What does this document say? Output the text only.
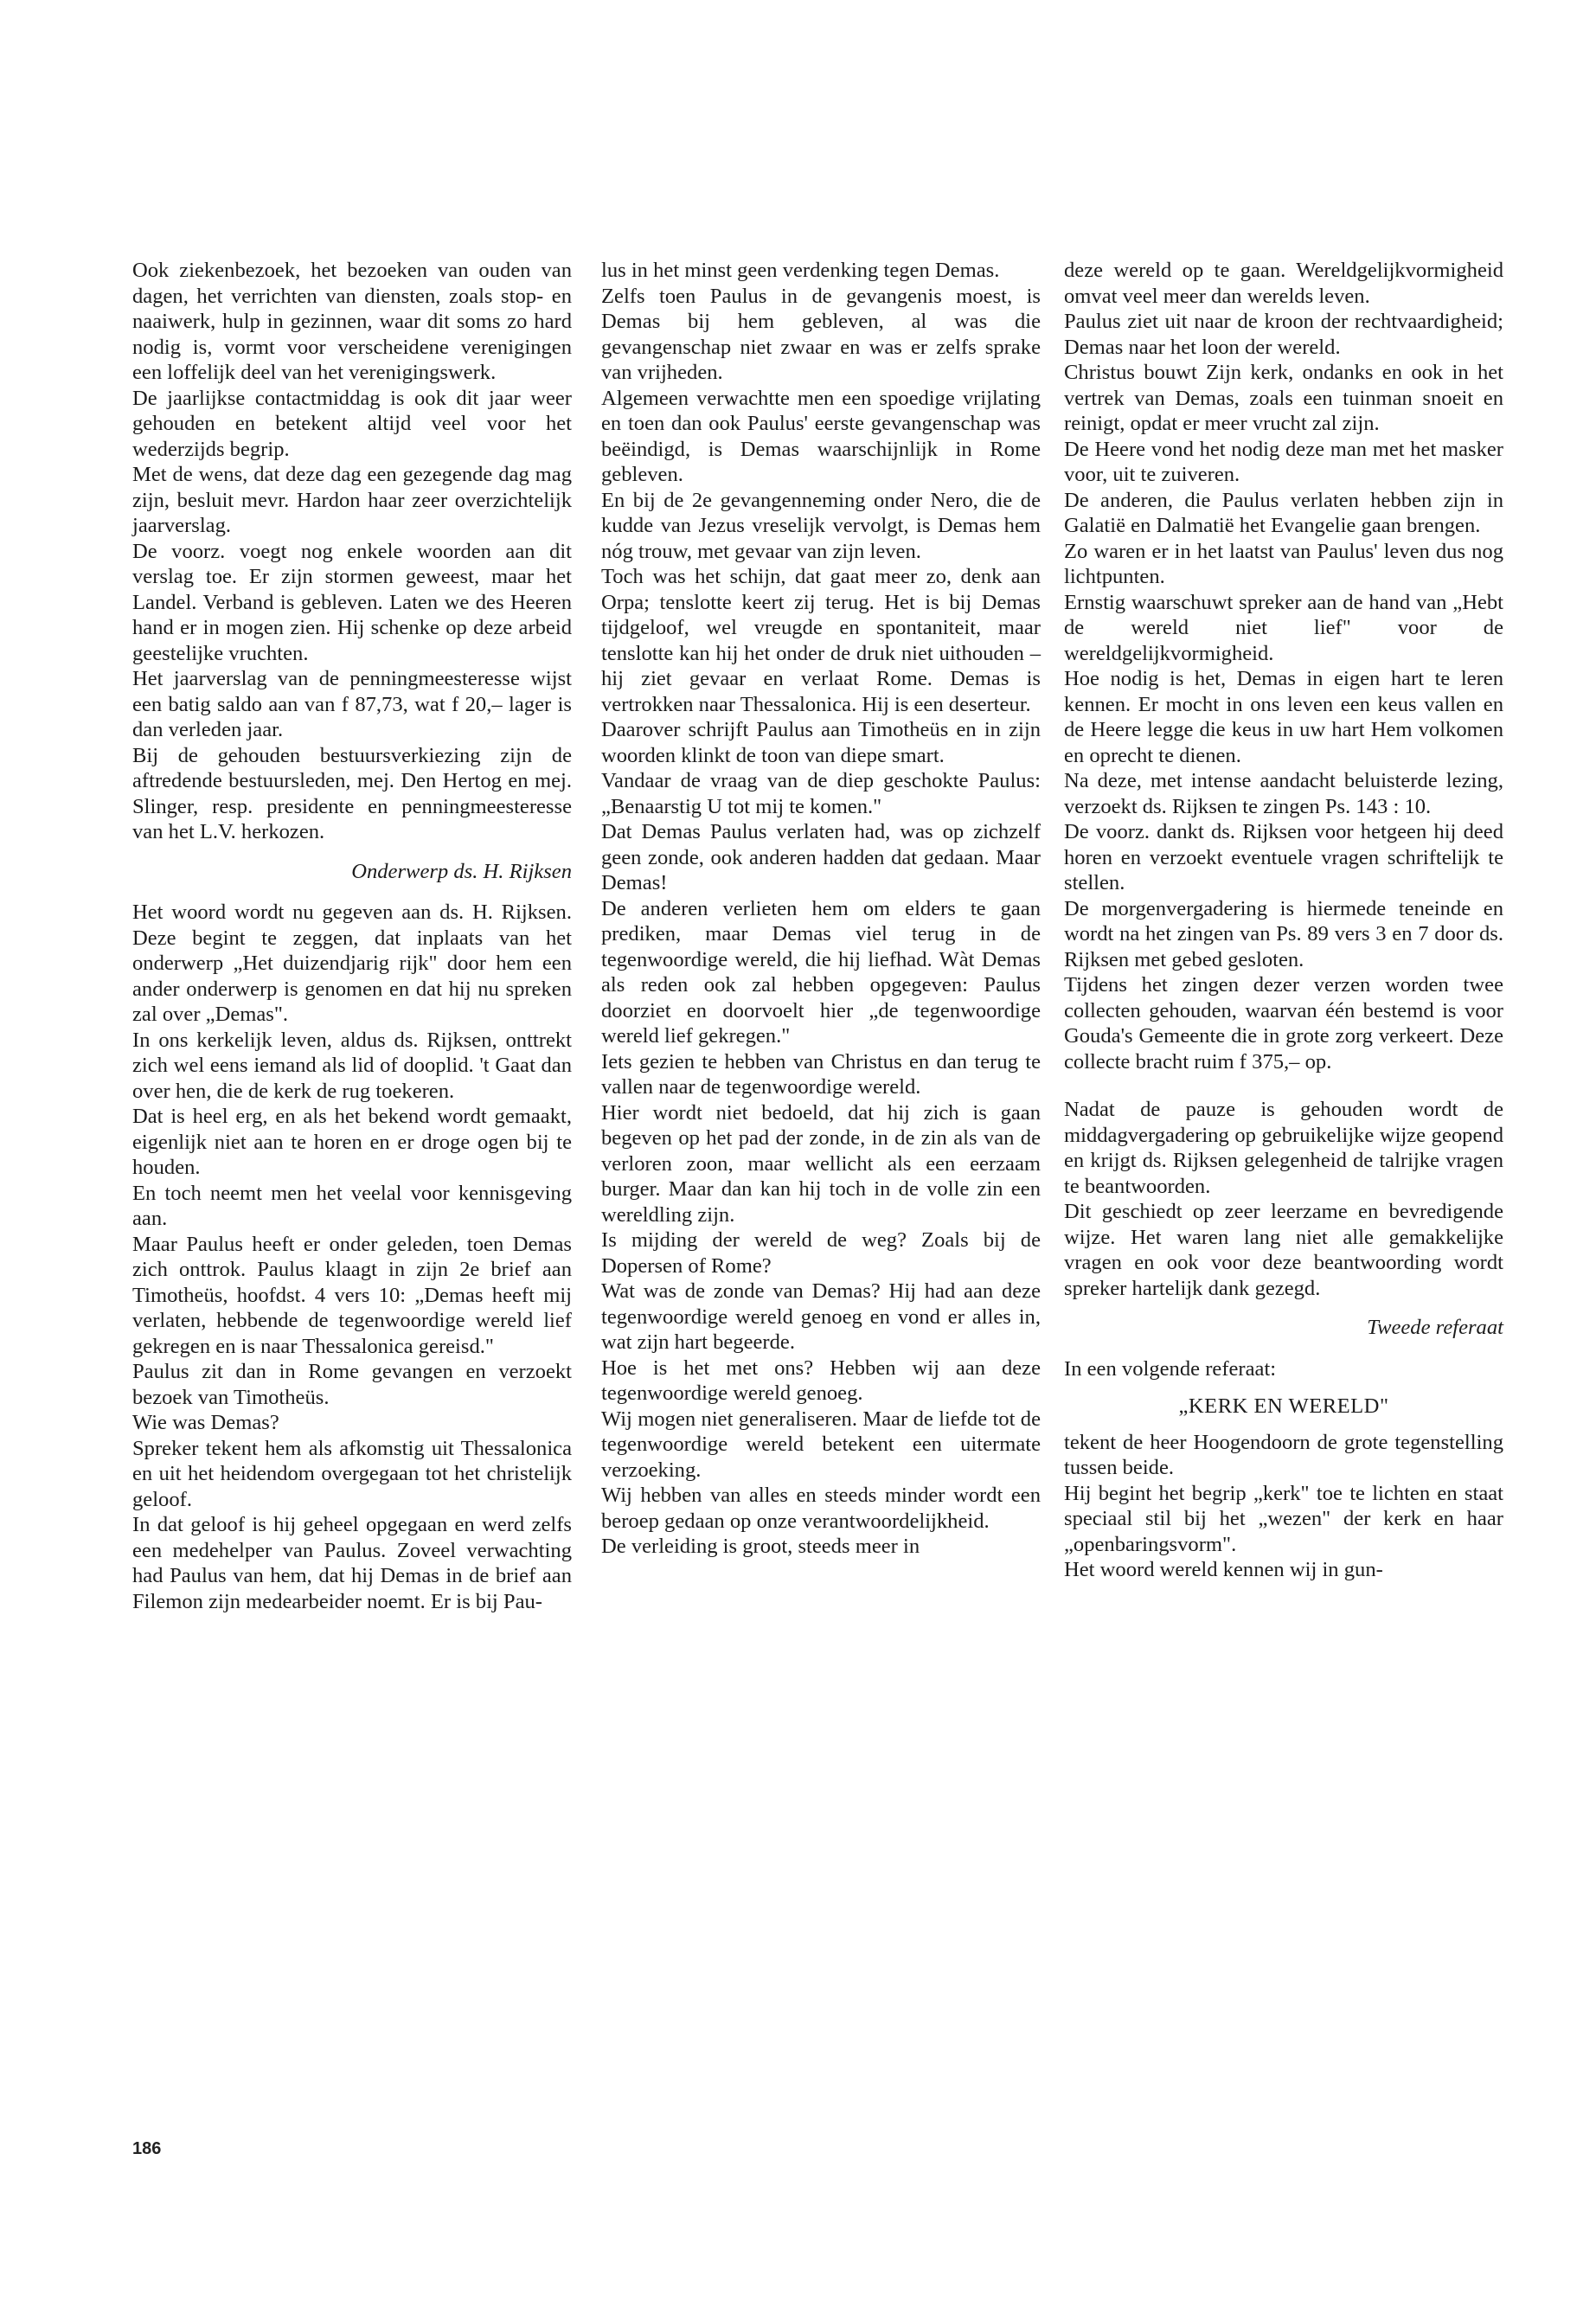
Ook ziekenbezoek, het bezoeken van ouden van dagen, het verrichten van diensten, zoals stop- en naaiwerk, hulp in gezinnen, waar dit soms zo hard nodig is, vormt voor verscheidene verenigingen een loffelijk deel van het verenigingswerk.

De jaarlijkse contactmiddag is ook dit jaar weer gehouden en betekent altijd veel voor het wederzijds begrip.

Met de wens, dat deze dag een gezegende dag mag zijn, besluit mevr. Hardon haar zeer overzichtelijk jaarverslag.

De voorz. voegt nog enkele woorden aan dit verslag toe. Er zijn stormen geweest, maar het Landel. Verband is gebleven. Laten we des Heeren hand er in mogen zien. Hij schenke op deze arbeid geestelijke vruchten.

Het jaarverslag van de penningmeesteresse wijst een batig saldo aan van f 87,73, wat f 20,– lager is dan verleden jaar.

Bij de gehouden bestuursverkiezing zijn de aftredende bestuursleden, mej. Den Hertog en mej. Slinger, resp. presidente en penningmeesteresse van het L.V. herkozen.

Onderwerp ds. H. Rijksen

Het woord wordt nu gegeven aan ds. H. Rijksen. Deze begint te zeggen, dat inplaats van het onderwerp „Het duizendjarig rijk" door hem een ander onderwerp is genomen en dat hij nu spreken zal over „Demas".

In ons kerkelijk leven, aldus ds. Rijksen, onttrekt zich wel eens iemand als lid of dooplid. 't Gaat dan over hen, die de kerk de rug toekeren.

Dat is heel erg, en als het bekend wordt gemaakt, eigenlijk niet aan te horen en er droge ogen bij te houden.

En toch neemt men het veelal voor kennisgeving aan.

Maar Paulus heeft er onder geleden, toen Demas zich onttrok. Paulus klaagt in zijn 2e brief aan Timotheüs, hoofdst. 4 vers 10: „Demas heeft mij verlaten, hebbende de tegenwoordige wereld lief gekregen en is naar Thessalonica gereisd."

Paulus zit dan in Rome gevangen en verzoekt bezoek van Timotheüs.

Wie was Demas?

Spreker tekent hem als afkomstig uit Thessalonica en uit het heidendom overgegaan tot het christelijk geloof.

In dat geloof is hij geheel opgegaan en werd zelfs een medehelper van Paulus. Zoveel verwachting had Paulus van hem, dat hij Demas in de brief aan Filemon zijn medearbeider noemt. Er is bij Pau-

lus in het minst geen verdenking tegen Demas.

Zelfs toen Paulus in de gevangenis moest, is Demas bij hem gebleven, al was die gevangenschap niet zwaar en was er zelfs sprake van vrijheden.

Algemeen verwachtte men een spoedige vrijlating en toen dan ook Paulus' eerste gevangenschap was beëindigd, is Demas waarschijnlijk in Rome gebleven.

En bij de 2e gevangenneming onder Nero, die de kudde van Jezus vreselijk vervolgt, is Demas hem nóg trouw, met gevaar van zijn leven.

Toch was het schijn, dat gaat meer zo, denk aan Orpa; tenslotte keert zij terug. Het is bij Demas tijdgeloof, wel vreugde en spontaniteit, maar tenslotte kan hij het onder de druk niet uithouden – hij ziet gevaar en verlaat Rome. Demas is vertrokken naar Thessalonica. Hij is een deserteur.

Daarover schrijft Paulus aan Timotheüs en in zijn woorden klinkt de toon van diepe smart.

Vandaar de vraag van de diep geschokte Paulus: „Benaarstig U tot mij te komen."

Dat Demas Paulus verlaten had, was op zichzelf geen zonde, ook anderen hadden dat gedaan. Maar Demas!

De anderen verlieten hem om elders te gaan prediken, maar Demas viel terug in de tegenwoordige wereld, die hij liefhad. Wàt Demas als reden ook zal hebben opgegeven: Paulus doorziet en doorvoelt hier „de tegenwoordige wereld lief gekregen."

Iets gezien te hebben van Christus en dan terug te vallen naar de tegenwoordige wereld.

Hier wordt niet bedoeld, dat hij zich is gaan begeven op het pad der zonde, in de zin als van de verloren zoon, maar wellicht als een eerzaam burger. Maar dan kan hij toch in de volle zin een wereldling zijn.

Is mijding der wereld de weg? Zoals bij de Dopersen of Rome?

Wat was de zonde van Demas? Hij had aan deze tegenwoordige wereld genoeg en vond er alles in, wat zijn hart begeerde.

Hoe is het met ons? Hebben wij aan deze tegenwoordige wereld genoeg.

Wij mogen niet generaliseren. Maar de liefde tot de tegenwoordige wereld betekent een uitermate verzoeking.

Wij hebben van alles en steeds minder wordt een beroep gedaan op onze verantwoordelijkheid.

De verleiding is groot, steeds meer in

deze wereld op te gaan. Wereldgelijkvormigheid omvat veel meer dan werelds leven.

Paulus ziet uit naar de kroon der rechtvaardigheid; Demas naar het loon der wereld.

Christus bouwt Zijn kerk, ondanks en ook in het vertrek van Demas, zoals een tuinman snoeit en reinigt, opdat er meer vrucht zal zijn.

De Heere vond het nodig deze man met het masker voor, uit te zuiveren.

De anderen, die Paulus verlaten hebben zijn in Galatië en Dalmatië het Evangelie gaan brengen.

Zo waren er in het laatst van Paulus' leven dus nog lichtpunten.

Ernstig waarschuwt spreker aan de hand van „Hebt de wereld niet lief" voor de wereldgelijkvormigheid.

Hoe nodig is het, Demas in eigen hart te leren kennen. Er mocht in ons leven een keus vallen en de Heere legge die keus in uw hart Hem volkomen en oprecht te dienen.

Na deze, met intense aandacht beluisterde lezing, verzoekt ds. Rijksen te zingen Ps. 143 : 10.

De voorz. dankt ds. Rijksen voor hetgeen hij deed horen en verzoekt eventuele vragen schriftelijk te stellen.

De morgenvergadering is hiermede teneinde en wordt na het zingen van Ps. 89 vers 3 en 7 door ds. Rijksen met gebed gesloten.

Tijdens het zingen dezer verzen worden twee collecten gehouden, waarvan één bestemd is voor Gouda's Gemeente die in grote zorg verkeert. Deze collecte bracht ruim f 375,– op.

Nadat de pauze is gehouden wordt de middagvergadering op gebruikelijke wijze geopend en krijgt ds. Rijksen gelegenheid de talrijke vragen te beantwoorden.

Dit geschiedt op zeer leerzame en bevredigende wijze. Het waren lang niet alle gemakkelijke vragen en ook voor deze beantwoording wordt spreker hartelijk dank gezegd.

Tweede referaat

In een volgende referaat:

„KERK EN WERELD"

tekent de heer Hoogendoorn de grote tegenstelling tussen beide.

Hij begint het begrip „kerk" toe te lichten en staat speciaal stil bij het „wezen" der kerk en haar „openbaringsvorm".

Het woord wereld kennen wij in gun-

186
